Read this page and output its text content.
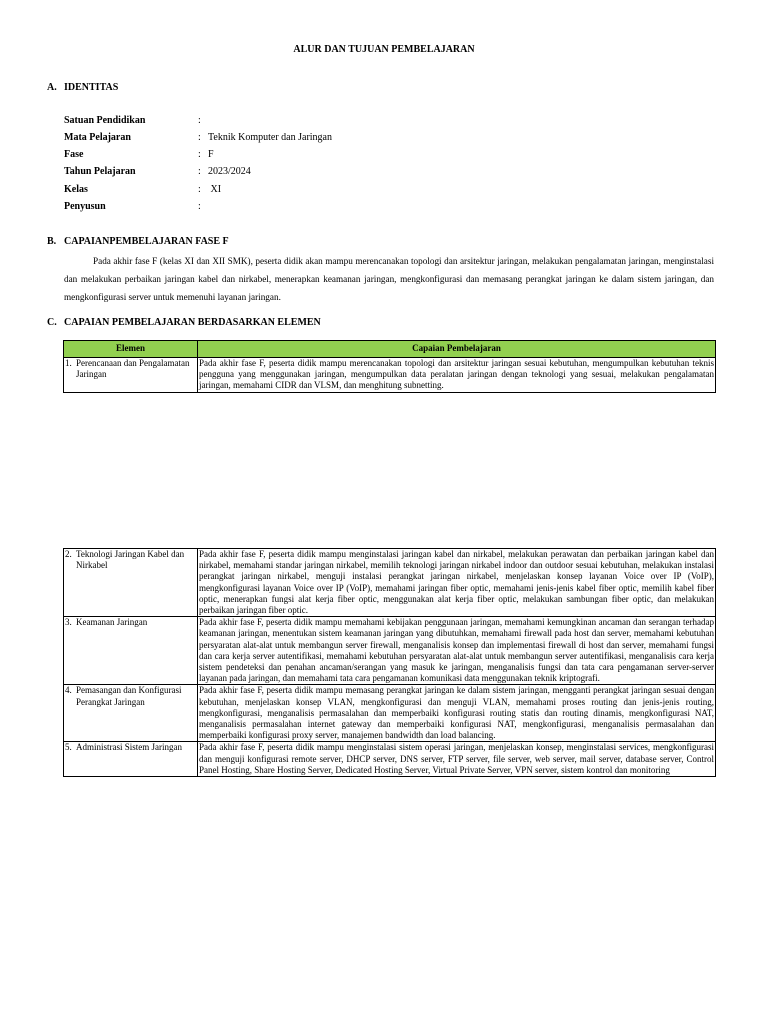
ALUR DAN TUJUAN PEMBELAJARAN
A. IDENTITAS
Satuan Pendidikan	:
Mata Pelajaran	: Teknik Komputer dan Jaringan
Fase	: F
Tahun Pelajaran	: 2023/2024
Kelas	: XI
Penyusun	:
B. CAPAIANPEMBELAJARAN FASE F
Pada akhir fase F (kelas XI dan XII SMK), peserta didik akan mampu merencanakan topologi dan arsitektur jaringan, melakukan pengalamatan jaringan, menginstalasi dan melakukan perbaikan jaringan kabel dan nirkabel, menerapkan keamanan jaringan, mengkonfigurasi dan memasang perangkat jaringan ke dalam sistem jaringan, dan mengkonfigurasi server untuk memenuhi layanan jaringan.
C. CAPAIAN PEMBELAJARAN BERDASARKAN ELEMEN
Elemen	Capaian Pembelajaran
1. Perencanaan dan Pengalamatan Jaringan	Pada akhir fase F, peserta didik mampu merencanakan topologi dan arsitektur jaringan sesuai kebutuhan, mengumpulkan kebutuhan teknis pengguna yang menggunakan jaringan, mengumpulkan data peralatan jaringan dengan teknologi yang sesuai, melakukan pengalamatan jaringan, memahami CIDR dan VLSM, dan menghitung subnetting.
2. Teknologi Jaringan Kabel dan Nirkabel	Pada akhir fase F, peserta didik mampu menginstalasi jaringan kabel dan nirkabel, melakukan perawatan dan perbaikan jaringan kabel dan nirkabel, memahami standar jaringan nirkabel, memilih teknologi jaringan nirkabel indoor dan outdoor sesuai kebutuhan, melakukan instalasi perangkat jaringan nirkabel, menguji instalasi perangkat jaringan nirkabel, menjelaskan konsep layanan Voice over IP (VoIP), mengkonfigurasi layanan Voice over IP (VoIP), memahami jaringan fiber optic, memahami jenis-jenis kabel fiber optic, memilih kabel fiber optic, menerapkan fungsi alat kerja fiber optic, menggunakan alat kerja fiber optic, melakukan sambungan fiber optic, dan melakukan perbaikan jaringan fiber optic.
3. Keamanan Jaringan	Pada akhir fase F, peserta didik mampu memahami kebijakan penggunaan jaringan, memahami kemungkinan ancaman dan serangan terhadap keamanan jaringan, menentukan sistem keamanan jaringan yang dibutuhkan, memahami firewall pada host dan server, memahami kebutuhan persyaratan alat-alat untuk membangun server firewall, menganalisis konsep dan implementasi firewall di host dan server, memahami fungsi dan cara kerja server autentifikasi, memahami kebutuhan persyaratan alat-alat untuk membangun server autentifikasi, menganalisis cara kerja sistem pendeteksi dan penahan ancaman/serangan yang masuk ke jaringan, menganalisis fungsi dan tata cara pengamanan server-server layanan pada jaringan, dan memahami tata cara pengamanan komunikasi data menggunakan teknik kriptografi.
4. Pemasangan dan Konfigurasi Perangkat Jaringan	Pada akhir fase F, peserta didik mampu memasang perangkat jaringan ke dalam sistem jaringan, mengganti perangkat jaringan sesuai dengan kebutuhan, menjelaskan konsep VLAN, mengkonfigurasi dan menguji VLAN, memahami proses routing dan jenis-jenis routing, mengkonfigurasi, menganalisis permasalahan dan memperbaiki konfigurasi routing statis dan routing dinamis, mengkonfigurasi NAT, menganalisis permasalahan internet gateway dan memperbaiki konfigurasi NAT, mengkonfigurasi, menganalisis permasalahan dan memperbaiki konfigurasi proxy server, manajemen bandwidth dan load balancing.
5. Administrasi Sistem Jaringan	Pada akhir fase F, peserta didik mampu menginstalasi sistem operasi jaringan, menjelaskan konsep, menginstalasi services, mengkonfigurasi dan menguji konfigurasi remote server, DHCP server, DNS server, FTP server, file server, web server, mail server, database server, Control Panel Hosting, Share Hosting Server, Dedicated Hosting Server, Virtual Private Server, VPN server, sistem kontrol dan monitoring
